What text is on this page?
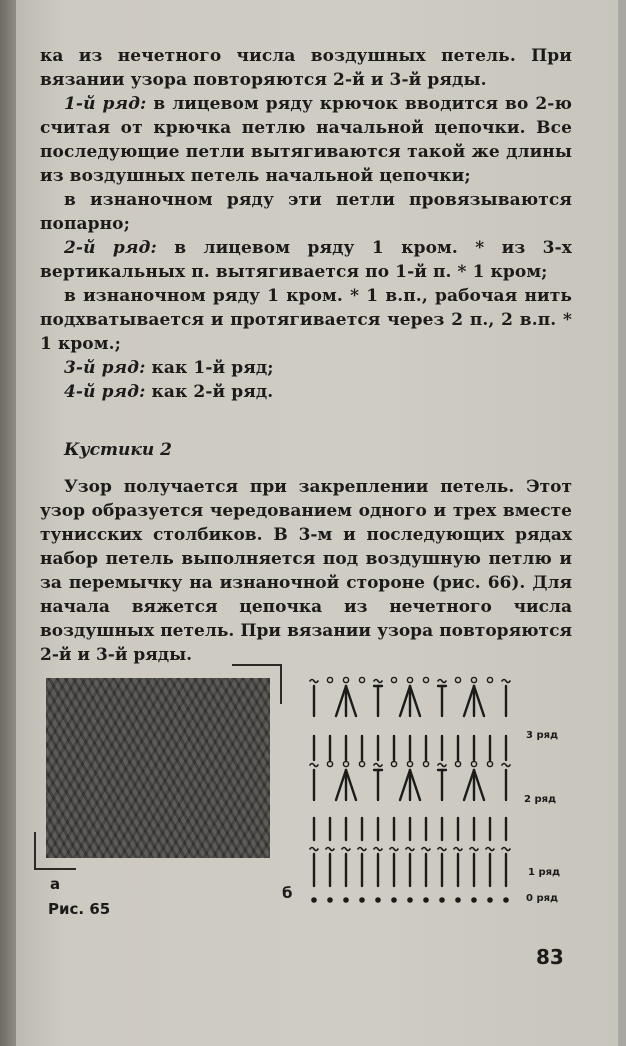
ка из нечетного числа воздушных петель. При вязании узора повторяются 2-й и 3-й ряды.

1-й ряд: в лицевом ряду крючок вводится во 2-ю считая от крючка петлю начальной цепочки. Все последующие петли вытягиваются такой же длины из воздушных петель начальной цепочки;

в изнаночном ряду эти петли провязываются попарно;

2-й ряд: в лицевом ряду 1 кром. * из 3-х вертикальных п. вытягивается по 1-й п. * 1 кром;

в изнаночном ряду 1 кром. * 1 в.п., рабочая нить подхватывается и протягивается через 2 п., 2 в.п. * 1 кром.;

3-й ряд: как 1-й ряд;

4-й ряд: как 2-й ряд.

Кустики 2

Узор получается при закреплении петель. Этот узор образуется чередованием одного и трех вместе тунисских столбиков. В 3-м и последующих рядах набор петель выполняется под воздушную петлю и за перемычку на изнаночной стороне (рис. 66). Для начала вяжется цепочка из нечетного числа воздушных петель. При вязании узора повторяются 2-й и 3-й ряды.

а
Рис. 65
б
3 ряд
2 ряд
1 ряд
0 ряд
83
